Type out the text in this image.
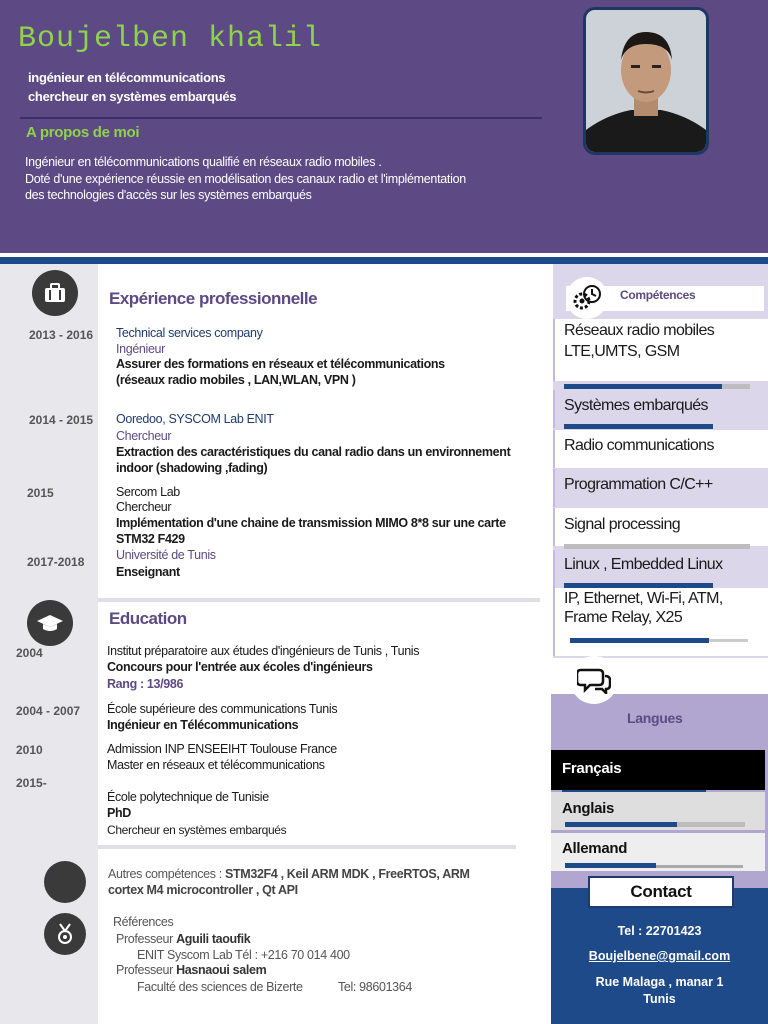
Boujelben khalil
ingénieur en télécommunications
chercheur en systèmes embarqués
A propos de moi
Ingénieur en télécommunications qualifié en réseaux radio mobiles .
Doté d'une expérience réussie en modélisation des canaux radio et l'implémentation
des technologies d'accès sur les systèmes embarqués
Expérience professionnelle
2013 - 2016 Technical services company
Ingénieur
Assurer des formations en réseaux et télécommunications
(réseaux radio mobiles , LAN,WLAN, VPN )
2014 - 2015 Ooredoo, SYSCOM Lab ENIT
Chercheur
Extraction des caractéristiques du canal radio dans un environnement
indoor (shadowing ,fading)
2015	Sercom Lab
Chercheur
Implémentation d'une chaine de transmission MIMO 8*8 sur une carte
STM32 F429
2017-2018	Université de Tunis
Enseignant
Education
2004	Institut préparatoire aux études d'ingénieurs de Tunis , Tunis
Concours pour l'entrée aux écoles d'ingénieurs
Rang : 13/986
2004 - 2007 École supérieure des communications Tunis
Ingénieur en Télécommunications
2010	Admission INP ENSEEIHT Toulouse France
Master en réseaux et télécommunications
2015-
École polytechnique de Tunisie
PhD
Chercheur en systèmes embarqués
Autres compétences : STM32F4 , Keil ARM MDK , FreeRTOS, ARM
cortex M4 microcontroller , Qt API
Références
Professeur Aguili taoufik
ENIT Syscom Lab Tél : +216 70 014 400
Professeur Hasnaoui salem
Faculté des sciences de Bizerte	Tel: 98601364
Compétences
Réseaux radio mobiles
LTE,UMTS, GSM
Systèmes embarqués
Radio communications
Programmation C/C++
Signal processing
Linux , Embedded Linux
IP, Ethernet, Wi-Fi, ATM,
Frame Relay, X25
Langues
Français
Anglais
Allemand
Contact
Tel : 22701423
Boujelbene@gmail.com
Rue Malaga , manar 1
Tunis
